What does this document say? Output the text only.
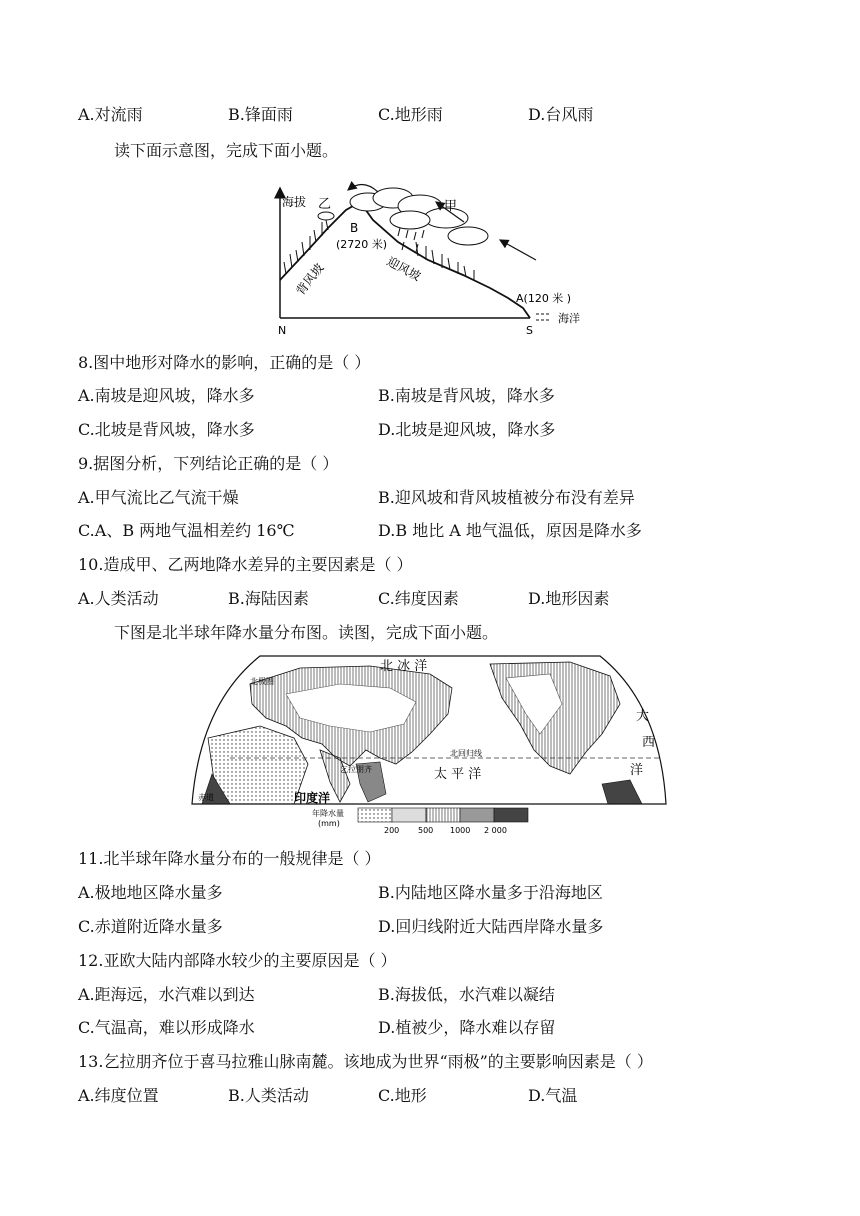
A.对流雨	B.锋面雨	C.地形雨	D.台风雨
读下面示意图，完成下面小题。
海拔 乙	甲
B
(2720 米)
背风坡	迎风坡
A(120 米 )
海洋
N	S
8.图中地形对降水的影响，正确的是（ ）
A.南坡是迎风坡，降水多	B.南坡是背风坡，降水多
C.北坡是背风坡，降水多	D.北坡是迎风坡，降水多
9.据图分析，下列结论正确的是（ ）
A.甲气流比乙气流干燥	B.迎风坡和背风坡植被分布没有差异
C.A、B 两地气温相差约 16℃	D.B 地比 A 地气温低，原因是降水多
10.造成甲、乙两地降水差异的主要因素是（ ）
A.人类活动	B.海陆因素	C.纬度因素	D.地形因素
下图是北半球年降水量分布图。读图，完成下面小题。
北 冰 洋
北极圈
大
西
洋
北回归线
乞拉朋齐	太 平 洋
赤道	印度洋
年降水量
(mm)
200 500 1000 2 000
11.北半球年降水量分布的一般规律是（ ）
A.极地地区降水量多	B.内陆地区降水量多于沿海地区
C.赤道附近降水量多	D.回归线附近大陆西岸降水量多
12.亚欧大陆内部降水较少的主要原因是（ ）
A.距海远，水汽难以到达	B.海拔低，水汽难以凝结
C.气温高，难以形成降水	D.植被少，降水难以存留
13.乞拉朋齐位于喜马拉雅山脉南麓。该地成为世界“雨极”的主要影响因素是（ ）
A.纬度位置	B.人类活动	C.地形	D.气温
